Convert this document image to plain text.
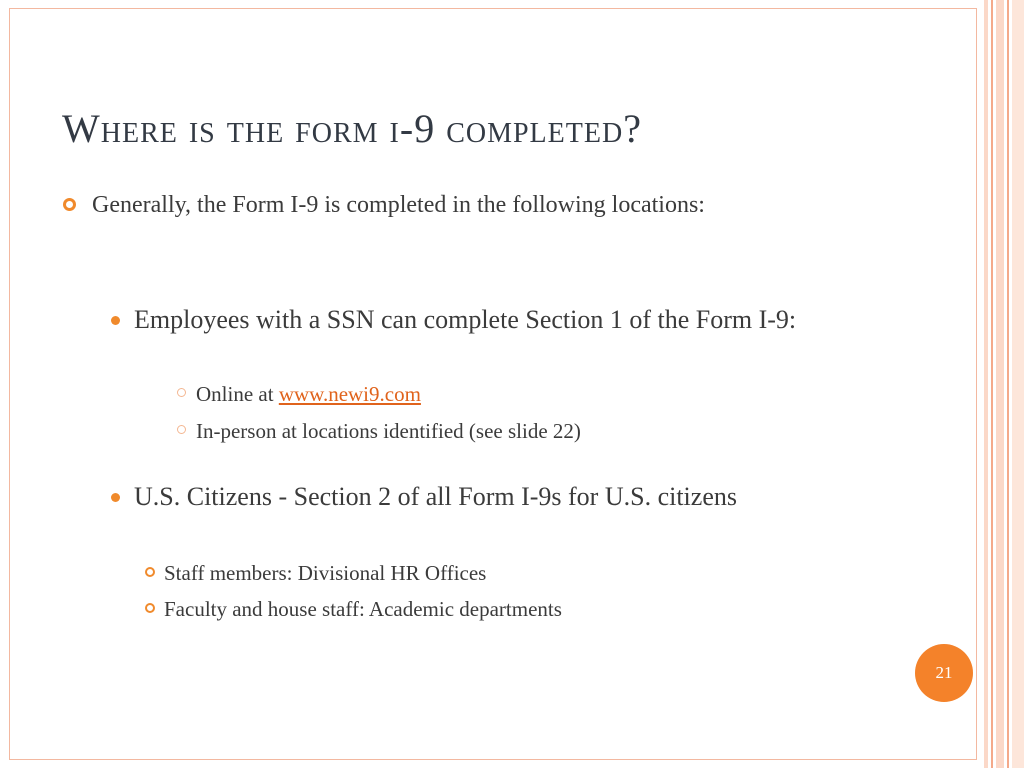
Where is the form i-9 completed?
Generally, the Form I-9 is completed in the following locations:
Employees with a SSN can complete Section 1 of the Form I-9:
Online at www.newi9.com
In-person at locations identified (see slide 22)
U.S. Citizens - Section 2 of all Form I-9s for U.S. citizens
Staff members: Divisional HR Offices
Faculty and house staff: Academic departments
21
